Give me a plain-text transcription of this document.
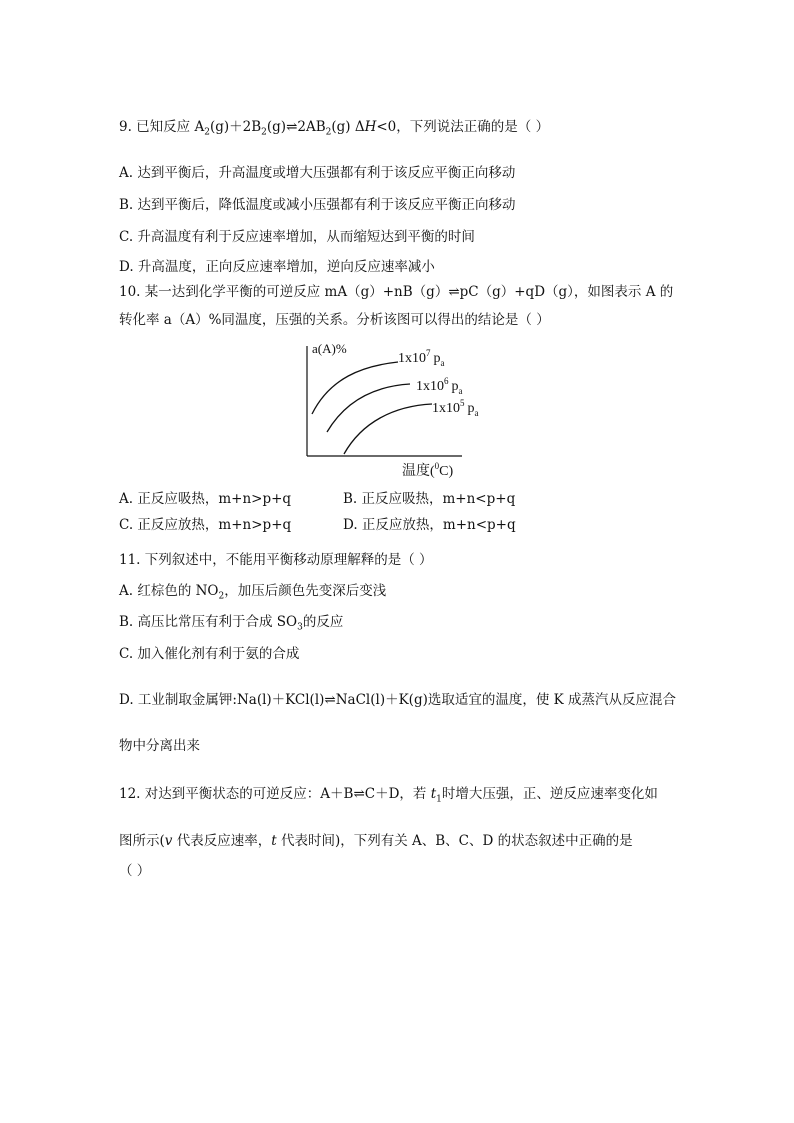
9. 已知反应 $A_2(g)+2B_2(g)\rightleftharpoons 2AB_2(g)$ ΔH<0，下列说法正确的是（ ）
A. 达到平衡后，升高温度或增大压强都有利于该反应平衡正向移动
B. 达到平衡后，降低温度或减小压强都有利于该反应平衡正向移动
C. 升高温度有利于反应速率增加，从而缩短达到平衡的时间
D. 升高温度，正向反应速率增加，逆向反应速率减小
10. 某一达到化学平衡的可逆反应 mA（g）+nB（g）⇌pC（g）+qD（g），如图表示 A 的
转化率 a（A）%同温度，压强的关系。分析该图可以得出的结论是（ ）
a(A)%
$1x10^7$ $p_a$
$1x10^6$ $p_a$
$1x10^5$ $p_a$
温度($^0$C)
A. 正反应吸热，m+n>p+q	B. 正反应吸热，m+n<p+q
C. 正反应放热，m+n>p+q	D. 正反应放热，m+n<p+q
11. 下列叙述中，不能用平衡移动原理解释的是（ ）
A. 红棕色的 $NO_2$，加压后颜色先变深后变浅
B. 高压比常压有利于合成 $SO_3$的反应
C. 加入催化剂有利于氨的合成
D. 工业制取金属钾:Na(l)＋KCl(l)⇌NaCl(l)＋K(g)选取适宜的温度，使 K 成蒸汽从反应混合
物中分离出来
12. 对达到平衡状态的可逆反应：A＋B⇌C＋D，若 $t_1$时增大压强，正、逆反应速率变化如
图所示(v 代表反应速率，t 代表时间)，下列有关 A、B、C、D 的状态叙述中正确的是
（ ）
